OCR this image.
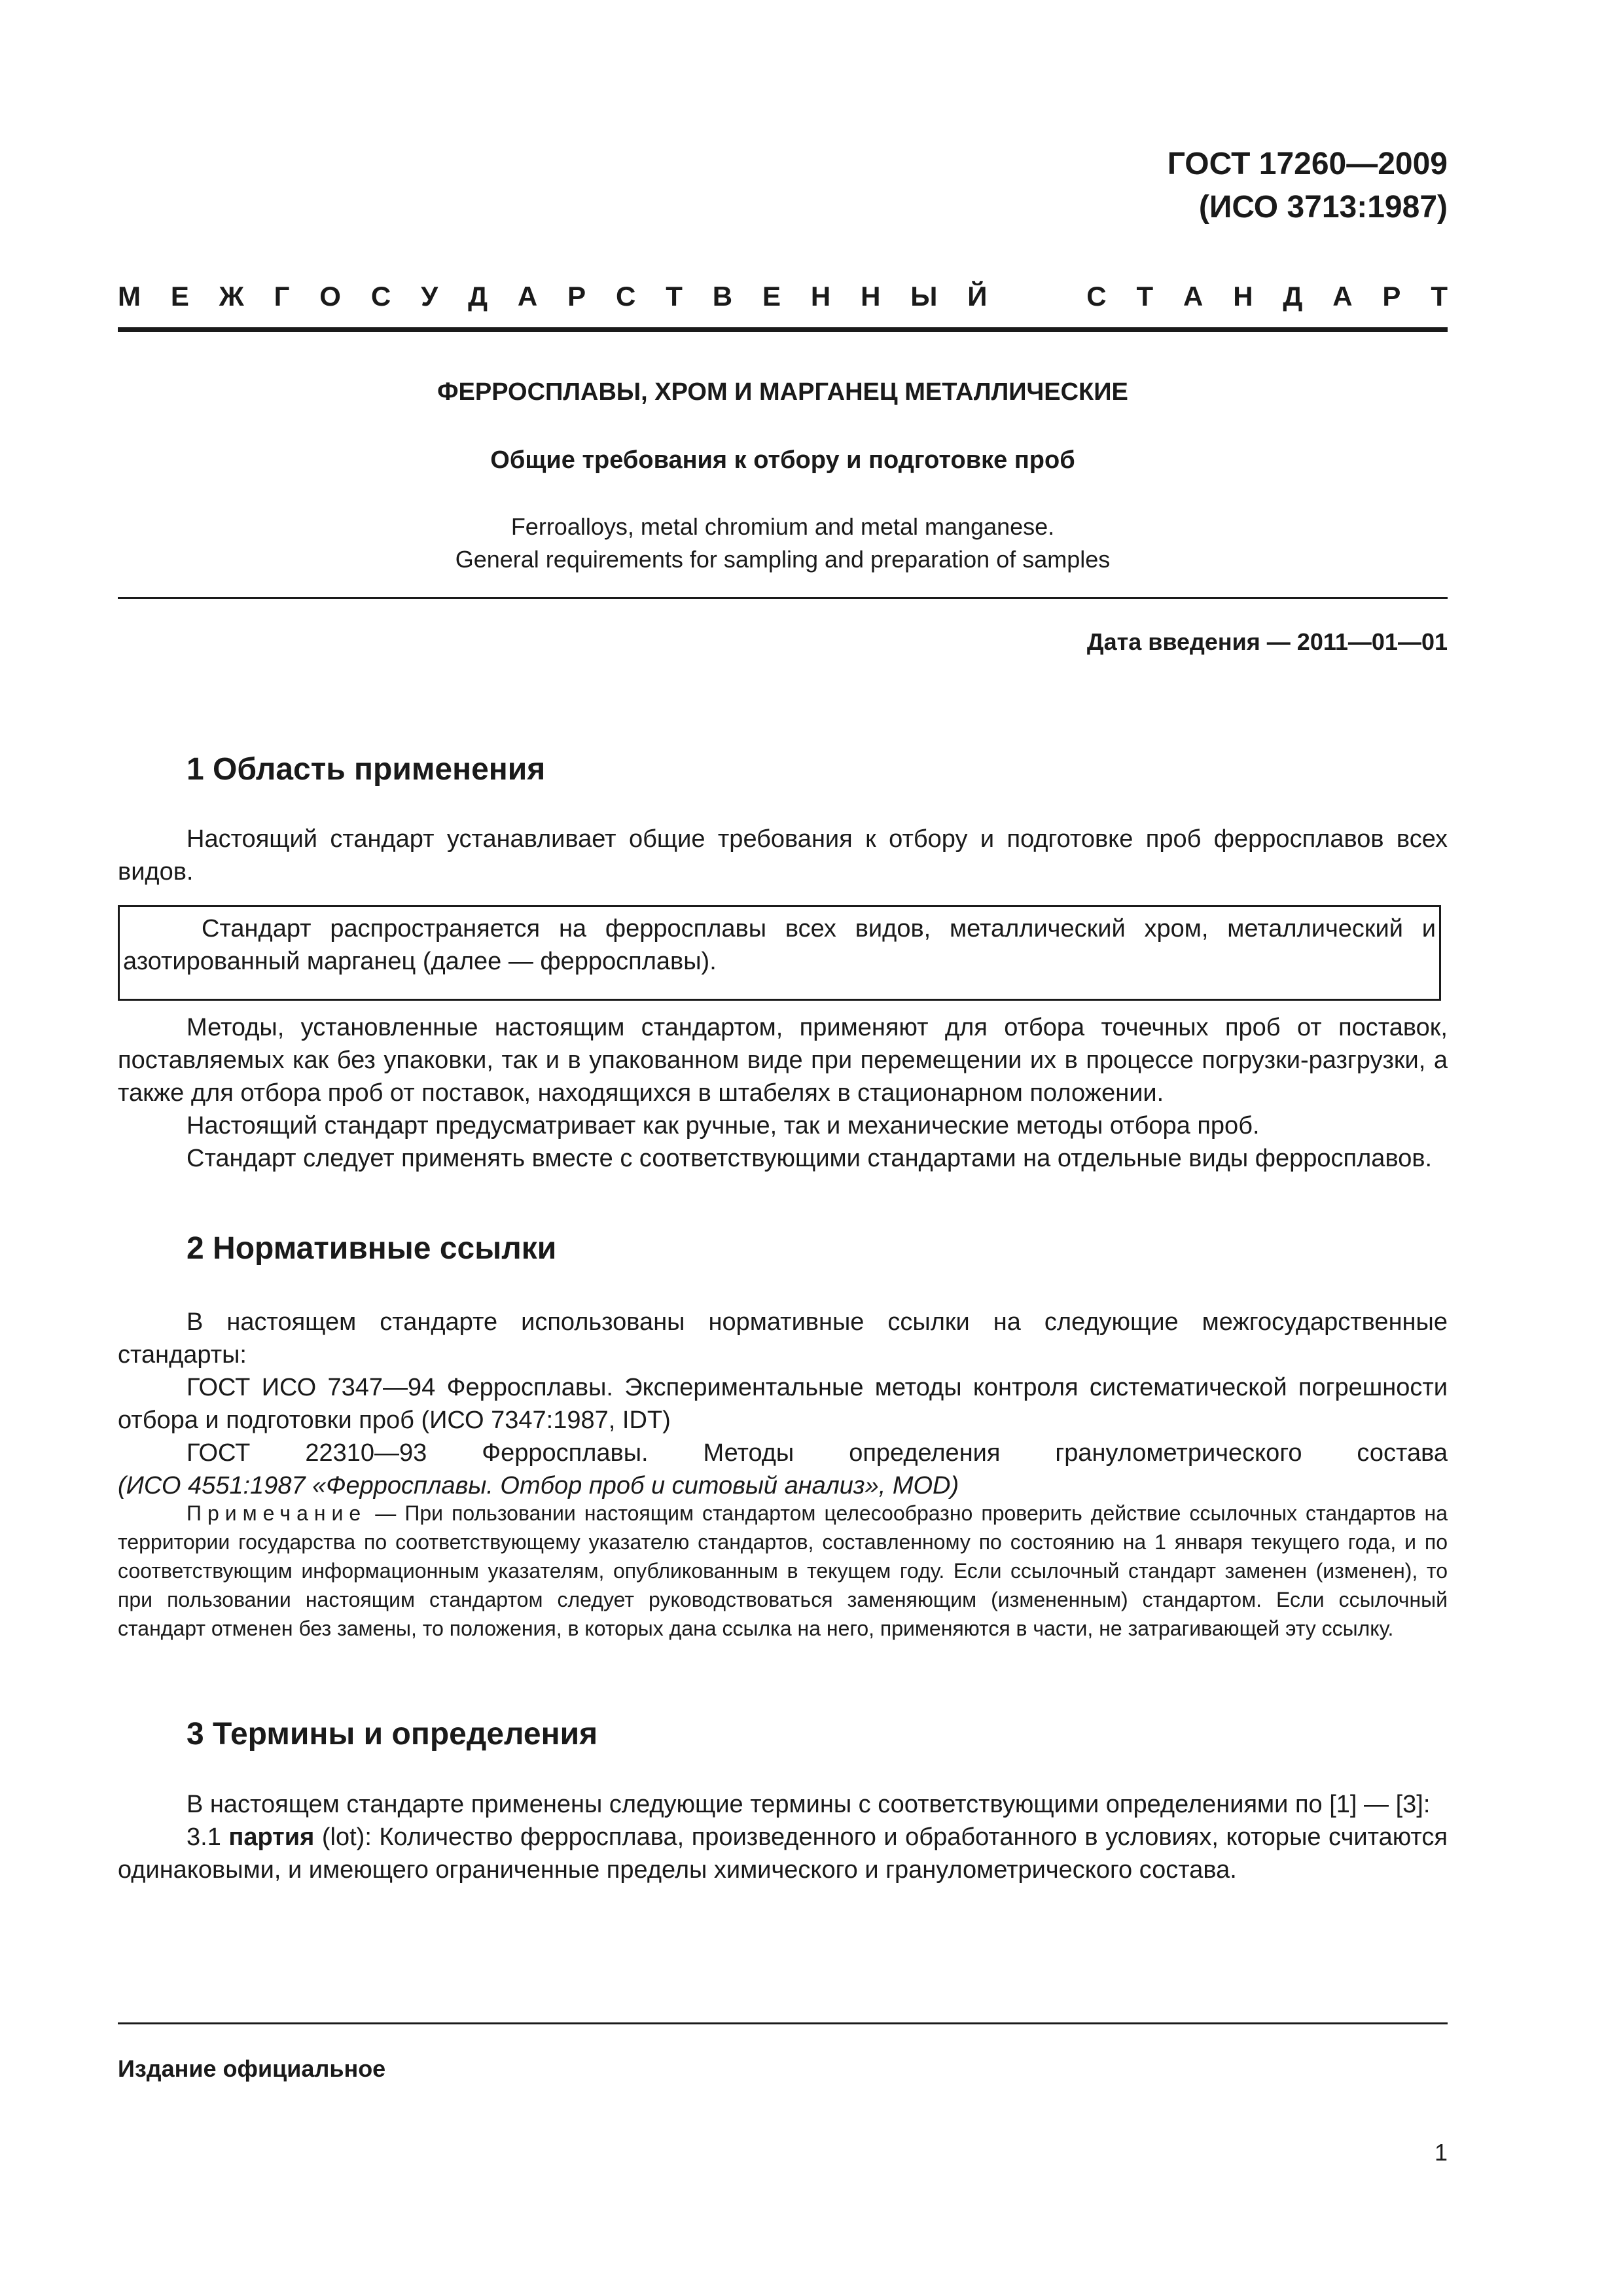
ГОСТ 17260—2009
(ИСО 3713:1987)
М Е Ж Г О С У Д А Р С Т В Е Н Н Ы Й	С Т А Н Д А Р Т
ФЕРРОСПЛАВЫ, ХРОМ И МАРГАНЕЦ МЕТАЛЛИЧЕСКИЕ
Общие требования к отбору и подготовке проб
Ferroalloys, metal chromium and metal manganese.
General requirements for sampling and preparation of samples
Дата введения — 2011—01—01
1 Область применения

Настоящий стандарт устанавливает общие требования к отбору и подготовке проб ферросплавов всех видов.

Стандарт распространяется на ферросплавы всех видов, металлический хром, металлический и азотированный марганец (далее — ферросплавы).

Методы, установленные настоящим стандартом, применяют для отбора точечных проб от поставок, поставляемых как без упаковки, так и в упакованном виде при перемещении их в процессе погрузки-разгрузки, а также для отбора проб от поставок, находящихся в штабелях в стационарном положении.

Настоящий стандарт предусматривает как ручные, так и механические методы отбора проб.

Стандарт следует применять вместе с соответствующими стандартами на отдельные виды ферросплавов.

2 Нормативные ссылки

В настоящем стандарте использованы нормативные ссылки на следующие межгосударственные стандарты:

ГОСТ ИСО 7347—94 Ферросплавы. Экспериментальные методы контроля систематической погрешности отбора и подготовки проб (ИСО 7347:1987, IDT)

ГОСТ 22310—93 Ферросплавы. Методы определения гранулометрического состава

(ИСО 4551:1987 «Ферросплавы. Отбор проб и ситовый анализ», MOD)

Примечание — При пользовании настоящим стандартом целесообразно проверить действие ссылочных стандартов на территории государства по соответствующему указателю стандартов, составленному по состоянию на 1 января текущего года, и по соответствующим информационным указателям, опубликованным в текущем году. Если ссылочный стандарт заменен (изменен), то при пользовании настоящим стандартом следует руководствоваться заменяющим (измененным) стандартом. Если ссылочный стандарт отменен без замены, то положения, в которых дана ссылка на него, применяются в части, не затрагивающей эту ссылку.

3 Термины и определения

В настоящем стандарте применены следующие термины с соответствующими определениями по [1] — [3]:

3.1 партия (lot): Количество ферросплава, произведенного и обработанного в условиях, которые считаются одинаковыми, и имеющего ограниченные пределы химического и гранулометрического состава.

Издание официальное
1
